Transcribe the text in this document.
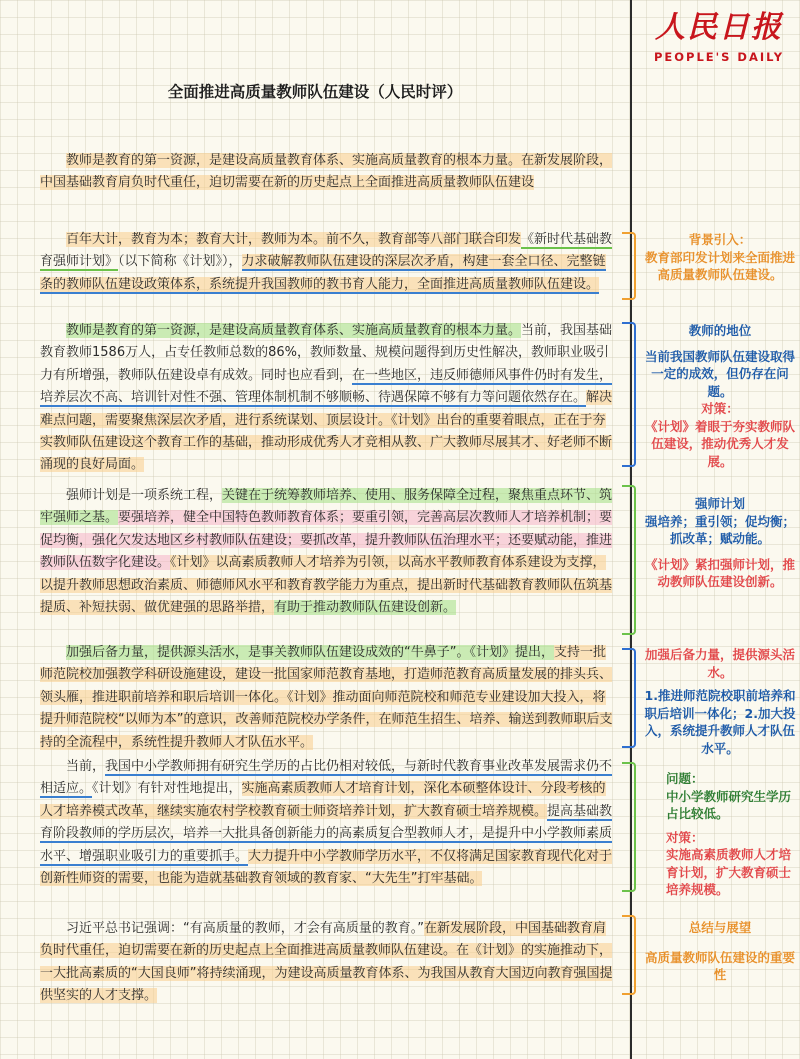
人民日报
PEOPLE'S DAILY
全面推进高质量教师队伍建设（人民时评）
教师是教育的第一资源，是建设高质量教育体系、实施高质量教育的根本力量。在新发展阶段，中国基础教育肩负时代重任，迫切需要在新的历史起点上全面推进高质量教师队伍建设
百年大计，教育为本；教育大计，教师为本。前不久，教育部等八部门联合印发《新时代基础教育强师计划》（以下简称《计划》），力求破解教师队伍建设的深层次矛盾，构建一套全口径、完整链条的教师队伍建设政策体系，系统提升我国教师的教书育人能力，全面推进高质量教师队伍建设。
教师是教育的第一资源，是建设高质量教育体系、实施高质量教育的根本力量。当前，我国基础教育教师1586万人，占专任教师总数的86%，教师数量、规模问题得到历史性解决，教师职业吸引力有所增强，教师队伍建设卓有成效。同时也应看到，在一些地区，违反师德师风事件仍时有发生，培养层次不高、培训针对性不强、管理体制机制不够顺畅、待遇保障不够有力等问题依然存在。解决难点问题，需要聚焦深层次矛盾，进行系统谋划、顶层设计。《计划》出台的重要着眼点，正在于夯实教师队伍建设这个教育工作的基础，推动形成优秀人才竞相从教、广大教师尽展其才、好老师不断涌现的良好局面。
强师计划是一项系统工程，关键在于统筹教师培养、使用、服务保障全过程，聚焦重点环节、筑牢强师之基。要强培养，健全中国特色教师教育体系；要重引领，完善高层次教师人才培养机制；要促均衡，强化欠发达地区乡村教师队伍建设；要抓改革，提升教师队伍治理水平；还要赋动能，推进教师队伍数字化建设。《计划》以高素质教师人才培养为引领，以高水平教师教育体系建设为支撑，以提升教师思想政治素质、师德师风水平和教育教学能力为重点，提出新时代基础教育教师队伍筑基提质、补短扶弱、做优建强的思路举措，有助于推动教师队伍建设创新。
加强后备力量，提供源头活水，是事关教师队伍建设成效的“牛鼻子”。《计划》提出，支持一批师范院校加强教学科研设施建设，建设一批国家师范教育基地，打造师范教育高质量发展的排头兵、领头雁，推进职前培养和职后培训一体化。《计划》推动面向师范院校和师范专业建设加大投入，将提升师范院校“以师为本”的意识，改善师范院校办学条件，在师范生招生、培养、输送到教师职后支持的全流程中，系统性提升教师人才队伍水平。
当前，我国中小学教师拥有研究生学历的占比仍相对较低，与新时代教育事业改革发展需求仍不相适应。《计划》有针对性地提出，实施高素质教师人才培育计划，深化本硕整体设计、分段考核的人才培养模式改革，继续实施农村学校教育硕士师资培养计划，扩大教育硕士培养规模。提高基础教育阶段教师的学历层次，培养一大批具备创新能力的高素质复合型教师人才，是提升中小学教师素质水平、增强职业吸引力的重要抓手。大力提升中小学教师学历水平，不仅将满足国家教育现代化对于创新性师资的需要，也能为造就基础教育领域的教育家、“大先生”打牢基础。
习近平总书记强调：“有高质量的教师，才会有高质量的教育。”在新发展阶段，中国基础教育肩负时代重任，迫切需要在新的历史起点上全面推进高质量教师队伍建设。在《计划》的实施推动下，一大批高素质的“大国良师”将持续涌现，为建设高质量教育体系、为我国从教育大国迈向教育强国提供坚实的人才支撑。

背景引入：

教育部印发计划来全面推进高质量教师队伍建设。

教师的地位

当前我国教师队伍建设取得一定的成效，但仍存在问题。

对策：

《计划》着眼于夯实教师队伍建设，推动优秀人才发展。

强师计划

强培养；重引领；促均衡；抓改革；赋动能。

《计划》紧扣强师计划，推动教师队伍建设创新。

加强后备力量，提供源头活水。

1.推进师范院校职前培养和职后培训一体化；2.加大投入，系统提升教师人才队伍水平。

问题：

中小学教师研究生学历占比较低。

对策：

实施高素质教师人才培育计划，扩大教育硕士培养规模。

总结与展望

高质量教师队伍建设的重要性
